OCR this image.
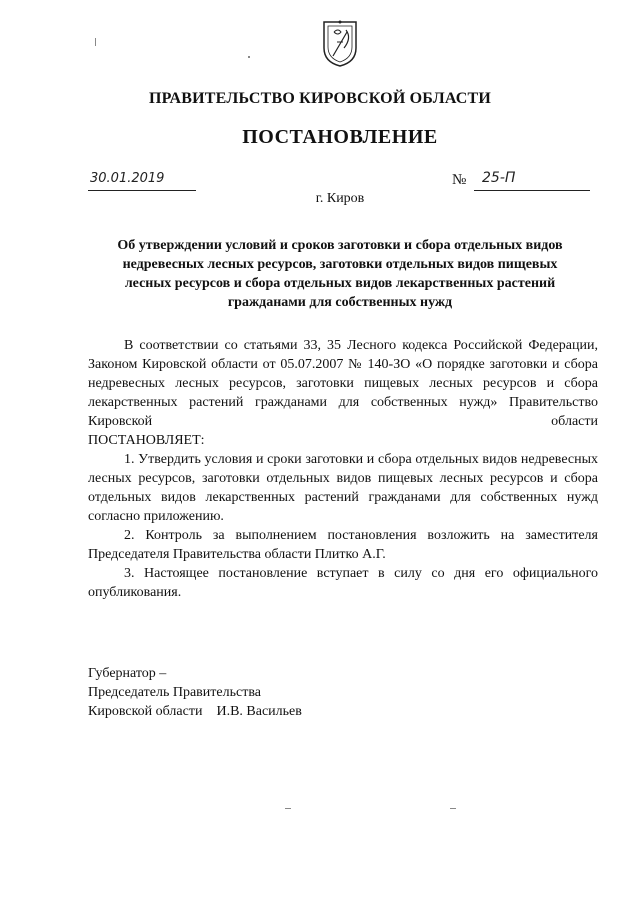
ПРАВИТЕЛЬСТВО КИРОВСКОЙ ОБЛАСТИ
ПОСТАНОВЛЕНИЕ
30.01.2019	№ 25-П
г. Киров
Об утверждении условий и сроков заготовки и сбора отдельных видов недревесных лесных ресурсов, заготовки отдельных видов пищевых лесных ресурсов и сбора отдельных видов лекарственных растений гражданами для собственных нужд

В соответствии со статьями 33, 35 Лесного кодекса Российской Федерации, Законом Кировской области от 05.07.2007 № 140-ЗО «О порядке заготовки и сбора недревесных лесных ресурсов, заготовки пищевых лесных ресурсов и сбора лекарственных растений гражданами для собственных нужд» Правительство Кировской области

ПОСТАНОВЛЯЕТ:

1. Утвердить условия и сроки заготовки и сбора отдельных видов недревесных лесных ресурсов, заготовки отдельных видов пищевых лесных ресурсов и сбора отдельных видов лекарственных растений гражданами для собственных нужд согласно приложению.

2. Контроль за выполнением постановления возложить на заместителя Председателя Правительства области Плитко А.Г.

3. Настоящее постановление вступает в силу со дня его официального опубликования.

Губернатор –
Председатель Правительства
Кировской области    И.В. Васильев
